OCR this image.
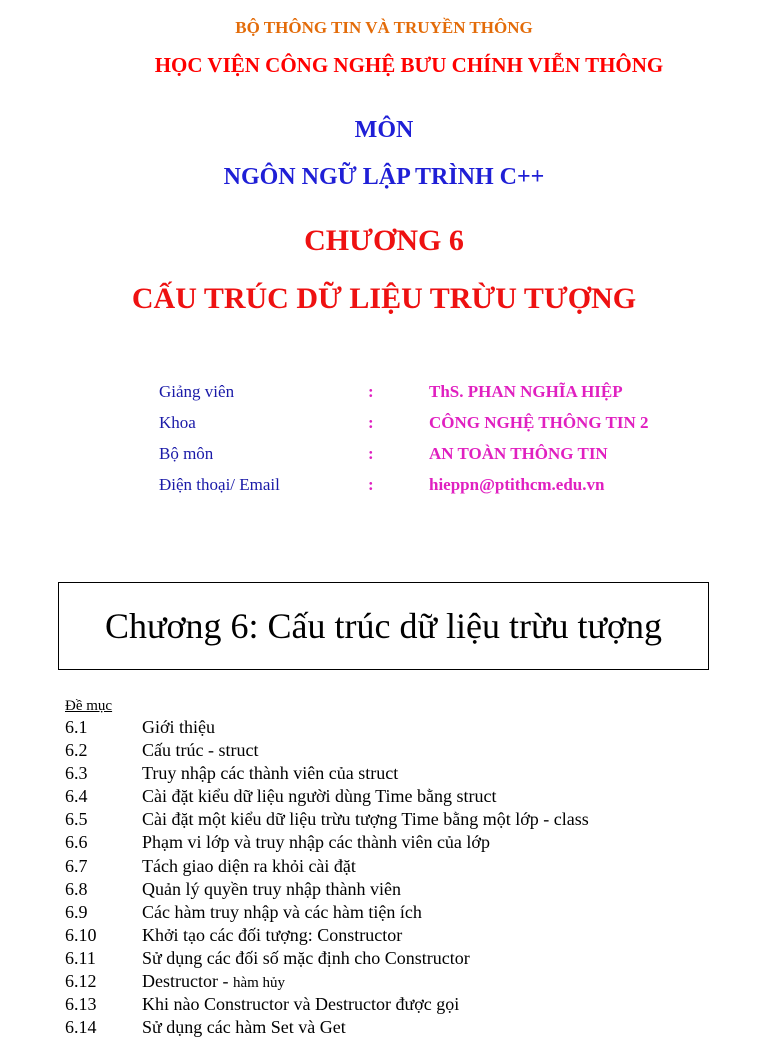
BỘ THÔNG TIN VÀ TRUYỀN THÔNG
HỌC VIỆN CÔNG NGHỆ BƯU CHÍNH VIỄN THÔNG
MÔN
NGÔN NGỮ LẬP TRÌNH C++
CHƯƠNG 6
CẤU TRÚC DỮ LIỆU TRỪU TƯỢNG
Giảng viên	:	ThS. PHAN NGHĨA HIỆP
Khoa	:	CÔNG NGHỆ THÔNG TIN 2
Bộ môn	:	AN TOÀN THÔNG TIN
Điện thoại/ Email	:	hieppn@ptithcm.edu.vn
Chương 6: Cấu trúc dữ liệu trừu tượng
Đề mục
6.1	Giới thiệu
6.2	Cấu trúc - struct
6.3	Truy nhập các thành viên của struct
6.4	Cài đặt kiểu dữ liệu người dùng Time bằng struct
6.5	Cài đặt một kiểu dữ liệu trừu tượng Time bằng một lớp - class
6.6	Phạm vi lớp và truy nhập các thành viên của lớp
6.7	Tách giao diện ra khỏi cài đặt
6.8	Quản lý quyền truy nhập thành viên
6.9	Các hàm truy nhập và các hàm tiện ích
6.10	Khởi tạo các đối tượng: Constructor
6.11	Sử dụng các đối số mặc định cho Constructor
6.12	Destructor - hàm hủy
6.13	Khi nào Constructor và Destructor được gọi
6.14	Sử dụng các hàm Set và Get
